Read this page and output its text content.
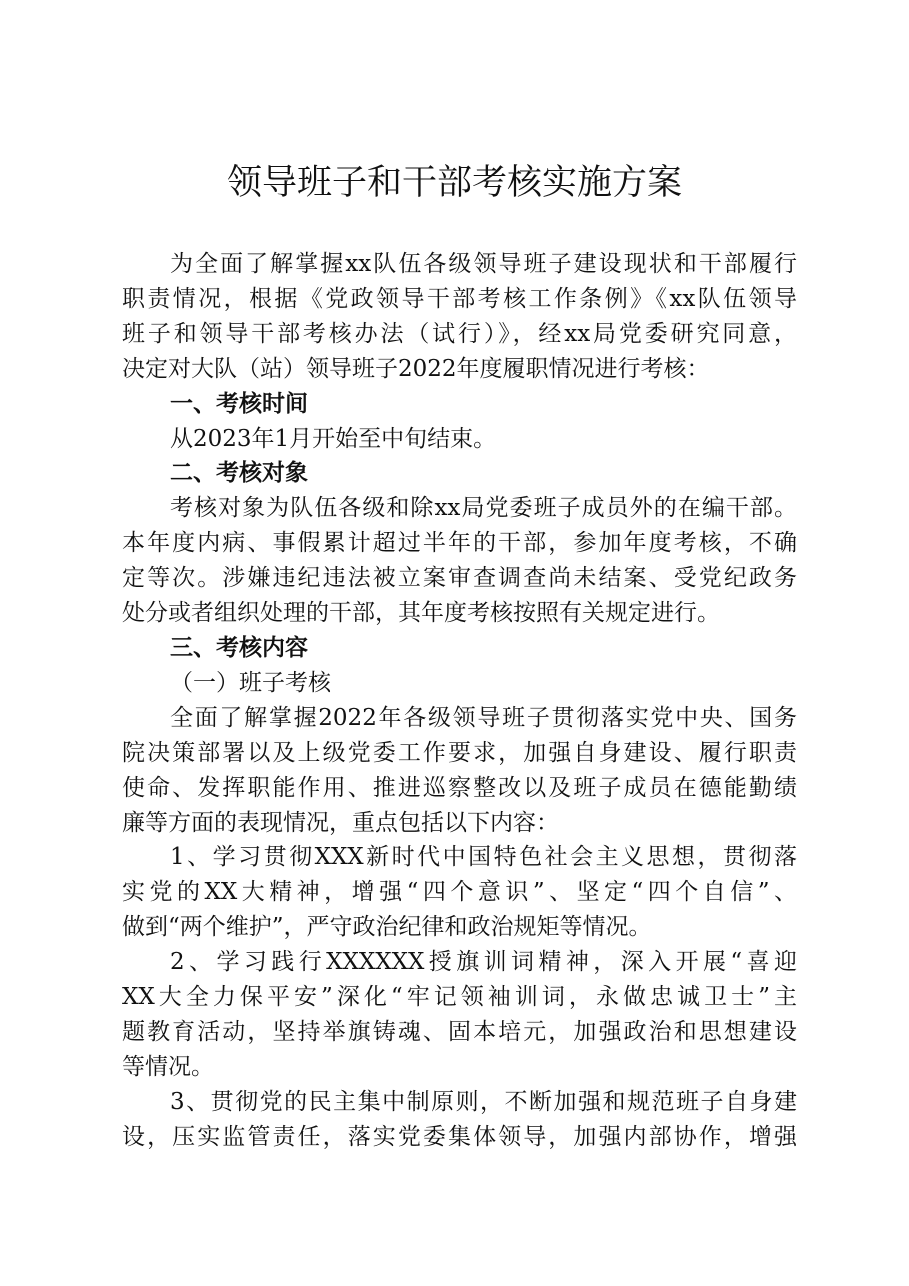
领导班子和干部考核实施方案
为全面了解掌握xx队伍各级领导班子建设现状和干部履行
职责情况，根据《党政领导干部考核工作条例》《xx队伍领导
班子和领导干部考核办法（试行）》，经xx局党委研究同意，
决定对大队（站）领导班子2022年度履职情况进行考核：
一、考核时间
从2023年1月开始至中旬结束。
二、考核对象
考核对象为队伍各级和除xx局党委班子成员外的在编干部。
本年度内病、事假累计超过半年的干部，参加年度考核，不确
定等次。涉嫌违纪违法被立案审查调查尚未结案、受党纪政务
处分或者组织处理的干部，其年度考核按照有关规定进行。
三、考核内容
（一）班子考核
全面了解掌握2022年各级领导班子贯彻落实党中央、国务
院决策部署以及上级党委工作要求，加强自身建设、履行职责
使命、发挥职能作用、推进巡察整改以及班子成员在德能勤绩
廉等方面的表现情况，重点包括以下内容：
1、学习贯彻XXX新时代中国特色社会主义思想，贯彻落
实党的XX大精神，增强“四个意识”、坚定“四个自信”、
做到“两个维护”，严守政治纪律和政治规矩等情况。
2、学习践行XXXXXX授旗训词精神，深入开展“喜迎
XX大全力保平安”深化“牢记领袖训词，永做忠诚卫士”主
题教育活动，坚持举旗铸魂、固本培元，加强政治和思想建设
等情况。
3、贯彻党的民主集中制原则，不断加强和规范班子自身建
设，压实监管责任，落实党委集体领导，加强内部协作，增强
